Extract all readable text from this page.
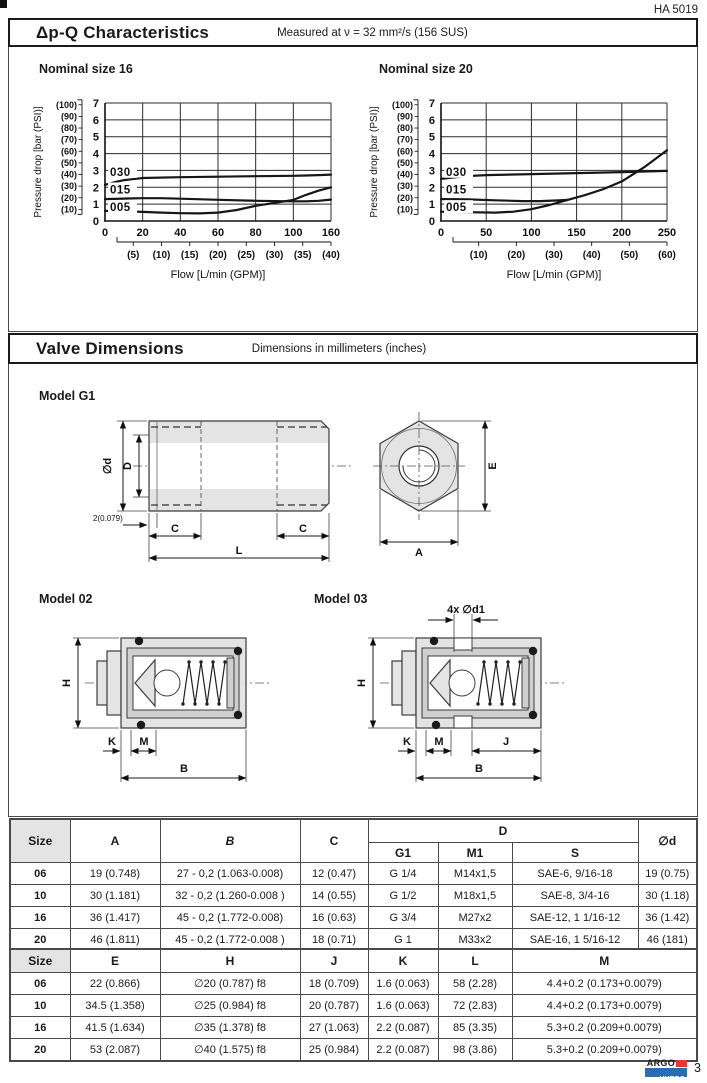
HA 5019
Δp-Q Characteristics	Measured at ν = 32 mm²/s (156 SUS)
Nominal size 16	Nominal size 20
7
6
5
4
3
2
1
0
(100)
(90)
(80)
(70)
(60)
(50)
(40)
(30)
(20)
(10)
Pressure drop [bar (PSI)]
0	20 40 60 80 100 160
(5) (10) (15) (20) (25) (30) (35) (40)
Flow [L/min (GPM)]
030
015
005
7
6
5
4
3
2
1
0
(100)
(90)
(80)
(70)
(60)
(50)
(40)
(30)
(20)
(10)
Pressure drop [bar (PSI)]
0	50	100 150 200 250
(10) (20) (30) (40) (50) (60)
Flow [L/min (GPM)]
030
015
005
Valve Dimensions	Dimensions in millimeters (inches)
Model G1
∅d D
2(0.079)
C	C
L
E
A
Model 02	Model 03
H
K M
B
4x ∅d1
H
K M	J
B
Size	A	B	C	D			∅d
				G1	M1	S	
06	19 (0.748)	27 - 0,2 (1.063-0.008)	12 (0.47)	G 1/4	M14x1,5	SAE-6, 9/16-18	19 (0.75)
10	30 (1.181)	32 - 0,2 (1.260-0.008 )	14 (0.55)	G 1/2	M18x1,5	SAE-8, 3/4-16	30 (1.18)
16	36 (1.417)	45 - 0,2 (1.772-0.008)	16 (0.63)	G 3/4	M27x2	SAE-12, 1 1/16-12	36 (1.42)
20	46 (1.811)	45 - 0,2 (1.772-0.008 )	18 (0.71)	G 1	M33x2	SAE-16, 1 5/16-12	46 (181)
Size	E	H	J	K	L	M
06	22 (0.866)	∅20 (0.787) f8	18 (0.709)	1.6 (0.063)	58 (2.28)	4.4+0.2 (0.173+0.0079)
10	34.5 (1.358)	∅25 (0.984) f8	20 (0.787)	1.6 (0.063)	72 (2.83)	4.4+0.2 (0.173+0.0079)
16	41.5 (1.634)	∅35 (1.378) f8	27 (1.063)	2.2 (0.087)	85 (3.35)	5.3+0.2 (0.209+0.0079)
20	53 (2.087)	∅40 (1.575) f8	25 (0.984)	2.2 (0.087)	98 (3.86)	5.3+0.2 (0.209+0.0079)
ARGO
HYTOS
3
